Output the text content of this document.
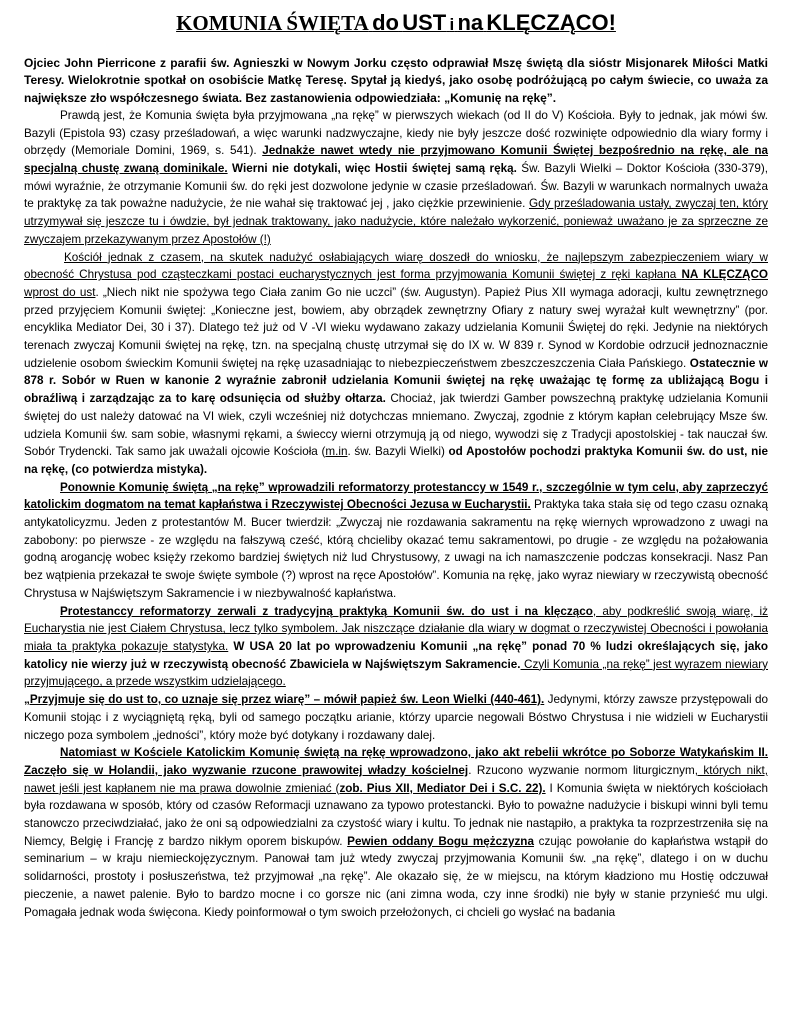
KOMUNIA ŚWIĘTA do UST i na KLĘCZĄCO!

Ojciec John Pierricone z parafii św. Agnieszki w Nowym Jorku często odprawiał Mszę świętą dla sióstr Misjonarek Miłości Matki Teresy. Wielokrotnie spotkał on osobiście Matkę Teresę. Spytał ją kiedyś, jako osobę podróżującą po całym świecie, co uważa za największe zło współczesnego świata. Bez zastanowienia odpowiedziała: „Komunię na rękę”.

Prawdą jest, że Komunia święta była przyjmowana „na rękę” w pierwszych wiekach (od II do V) Kościoła. Były to jednak, jak mówi św. Bazyli (Epistola 93) czasy prześladowań, a więc warunki nadzwyczajne, kiedy nie były jeszcze dość rozwinięte odpowiednio dla wiary formy i obrzędy (Memoriale Domini, 1969, s. 541). Jednakże nawet wtedy nie przyjmowano Komunii Świętej bezpośrednio na rękę, ale na specjalną chustę zwaną dominikale. Wierni nie dotykali, więc Hostii świętej samą ręką. Św. Bazyli Wielki – Doktor Kościoła (330-379), mówi wyraźnie, że otrzymanie Komunii św. do ręki jest dozwolone jedynie w czasie prześladowań. Św. Bazyli w warunkach normalnych uważa te praktykę za tak poważne nadużycie, że nie wahał się traktować jej , jako ciężkie przewinienie. Gdy prześladowania ustały, zwyczaj ten, który utrzymywał się jeszcze tu i ówdzie, był jednak traktowany, jako nadużycie, które należało wykorzenić, ponieważ uważano je za sprzeczne ze zwyczajem przekazywanym przez Apostołów (!)

Kościół jednak z czasem, na skutek nadużyć osłabiających wiarę doszedł do wniosku, że najlepszym zabezpieczeniem wiary w obecność Chrystusa pod cząsteczkami postaci eucharystycznych jest forma przyjmowania Komunii świętej z ręki kapłana NA KLĘCZĄCO wprost do ust. „Niech nikt nie spożywa tego Ciała zanim Go nie uczci” (św. Augustyn). Papież Pius XII wymaga adoracji, kultu zewnętrznego przed przyjęciem Komunii świętej: „Konieczne jest, bowiem, aby obrządek zewnętrzny Ofiary z natury swej wyrażał kult wewnętrzny” (por. encyklika Mediator Dei, 30 i 37). Dlatego też już od V -VI wieku wydawano zakazy udzielania Komunii Świętej do ręki. Jedynie na niektórych terenach zwyczaj Komunii świętej na rękę, tzn. na specjalną chustę utrzymał się do IX w. W 839 r. Synod w Kordobie odrzucił jednoznacznie udzielenie osobom świeckim Komunii świętej na rękę uzasadniając to niebezpieczeństwem zbeszczeszczenia Ciała Pańskiego. Ostatecznie w 878 r. Sobór w Ruen w kanonie 2 wyraźnie zabronił udzielania Komunii świętej na rękę uważając tę formę za ubliżającą Bogu i obraźliwą i zarządzając za to karę odsunięcia od służby ołtarza. Chociaż, jak twierdzi Gamber powszechną praktykę udzielania Komunii świętej do ust należy datować na VI wiek, czyli wcześniej niż dotychczas mniemano. Zwyczaj, zgodnie z którym kapłan celebrujący Msze św. udziela Komunii św. sam sobie, własnymi rękami, a świeccy wierni otrzymują ją od niego, wywodzi się z Tradycji apostolskiej - tak nauczał św. Sobór Trydencki. Tak samo jak uważali ojcowie Kościoła (m.in. św. Bazyli Wielki) od Apostołów pochodzi praktyka Komunii św. do ust, nie na rękę, (co potwierdza mistyka).

Ponownie Komunię świętą „na rękę” wprowadzili reformatorzy protestanccy w 1549 r., szczególnie w tym celu, aby zaprzeczyć katolickim dogmatom na temat kapłaństwa i Rzeczywistej Obecności Jezusa w Eucharystii. Praktyka taka stała się od tego czasu oznaką antykatolicyzmu. Jeden z protestantów M. Bucer twierdził: „Zwyczaj nie rozdawania sakramentu na rękę wiernych wprowadzono z uwagi na zabobony: po pierwsze - ze względu na fałszywą cześć, którą chcieliby okazać temu sakramentowi, po drugie - ze względu na pożałowania godną arogancję wobec księży rzekomo bardziej świętych niż lud Chrystusowy, z uwagi na ich namaszczenie podczas konsekracji. Nasz Pan bez wątpienia przekazał te swoje święte symbole (?) wprost na ręce Apostołów”. Komunia na rękę, jako wyraz niewiary w rzeczywistą obecność Chrystusa w Najświętszym Sakramencie i w niezbywalność kapłaństwa.

Protestanccy reformatorzy zerwali z tradycyjną praktyką Komunii św. do ust i na klęcząco, aby podkreślić swoją wiarę, iż Eucharystia nie jest Ciałem Chrystusa, lecz tylko symbolem. Jak niszczące działanie dla wiary w dogmat o rzeczywistej Obecności i powołania miała ta praktyka pokazuje statystyka. W USA 20 lat po wprowadzeniu Komunii „na rękę” ponad 70 % ludzi określających się, jako katolicy nie wierzy już w rzeczywistą obecność Zbawiciela w Najświętszym Sakramencie. Czyli Komunia „na rękę” jest wyrazem niewiary przyjmującego, a przede wszystkim udzielającego.

„Przyjmuje się do ust to, co uznaje się przez wiarę” – mówił papież św. Leon Wielki (440-461). Jedynymi, którzy zawsze przystępowali do Komunii stojąc i z wyciągniętą ręką, byli od samego początku arianie, którzy uparcie negowali Bóstwo Chrystusa i nie widzieli w Eucharystii niczego poza symbolem „jedności”, który może być dotykany i rozdawany dalej.

Natomiast w Kościele Katolickim Komunię świętą na rękę wprowadzono, jako akt rebelii wkrótce po Soborze Watykańskim II. Zaczęło się w Holandii, jako wyzwanie rzucone prawowitej władzy kościelnej. Rzucono wyzwanie normom liturgicznym, których nikt, nawet jeśli jest kapłanem nie ma prawa dowolnie zmieniać (zob. Pius XII, Mediator Dei i S.C. 22). I Komunia święta w niektórych kościołach była rozdawana w sposób, który od czasów Reformacji uznawano za typowo protestancki. Było to poważne nadużycie i biskupi winni byli temu stanowczo przeciwdziałać, jako że oni są odpowiedzialni za czystość wiary i kultu. To jednak nie nastąpiło, a praktyka ta rozprzestrzeniła się na Niemcy, Belgię i Francję z bardzo nikłym oporem biskupów. Pewien oddany Bogu mężczyzna czując powołanie do kapłaństwa wstąpił do seminarium – w kraju niemieckojęzycznym. Panował tam już wtedy zwyczaj przyjmowania Komunii św. „na rękę”, dlatego i on w duchu solidarności, prostoty i posłuszeństwa, też przyjmował „na rękę”. Ale okazało się, że w miejscu, na którym kładziono mu Hostię odczuwał pieczenie, a nawet palenie. Było to bardzo mocne i co gorsze nic (ani zimna woda, czy inne środki) nie były w stanie przynieść mu ulgi. Pomagała jednak woda święcona. Kiedy poinformował o tym swoich przełożonych, ci chcieli go wysłać na badania
